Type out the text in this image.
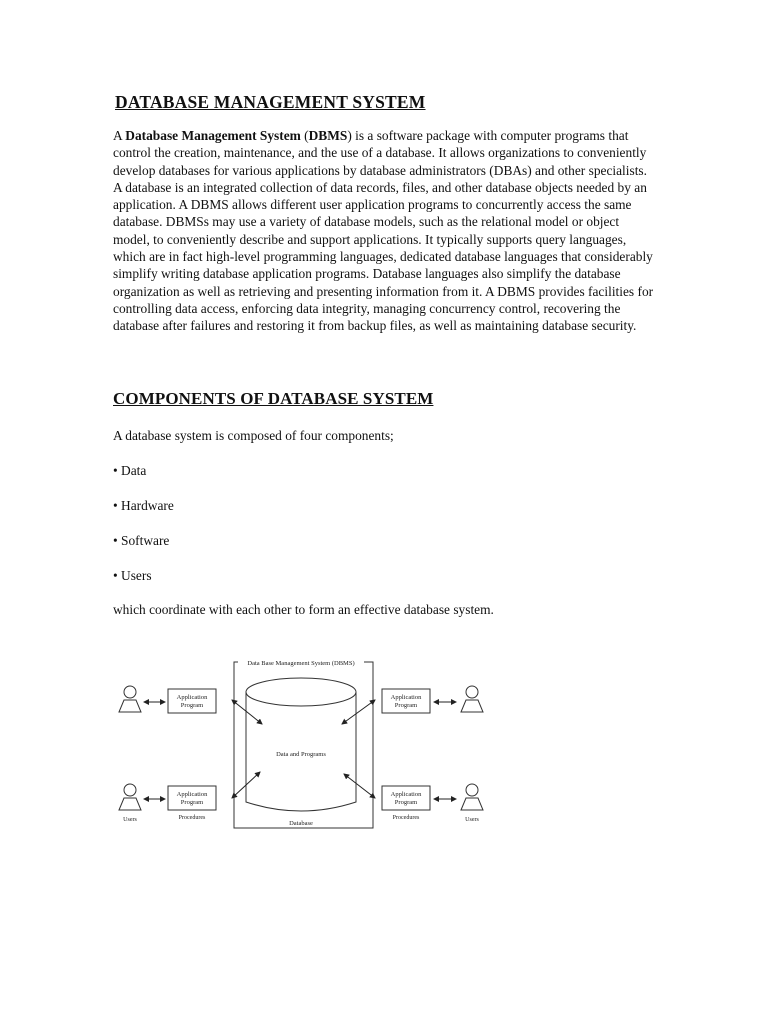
DATABASE MANAGEMENT SYSTEM

A Database Management System (DBMS) is a software package with computer programs that control the creation, maintenance, and the use of a database. It allows organizations to conveniently develop databases for various applications by database administrators (DBAs) and other specialists. A database is an integrated collection of data records, files, and other database objects needed by an application. A DBMS allows different user application programs to concurrently access the same database. DBMSs may use a variety of database models, such as the relational model or object model, to conveniently describe and support applications. It typically supports query languages, which are in fact high-level programming languages, dedicated database languages that considerably simplify writing database application programs. Database languages also simplify the database organization as well as retrieving and presenting information from it. A DBMS provides facilities for controlling data access, enforcing data integrity, managing concurrency control, recovering the database after failures and restoring it from backup files, as well as maintaining database security.

COMPONENTS OF DATABASE SYSTEM

A database system is composed of four components;

• Data

• Hardware

• Software

• Users

which coordinate with each other to form an effective database system.

Data Base Management System (DBMS)
Data and Programs
Database
Application
Program
Application
Program
Users
Application
Program
Procedures
Application
Program
Procedures	Users
